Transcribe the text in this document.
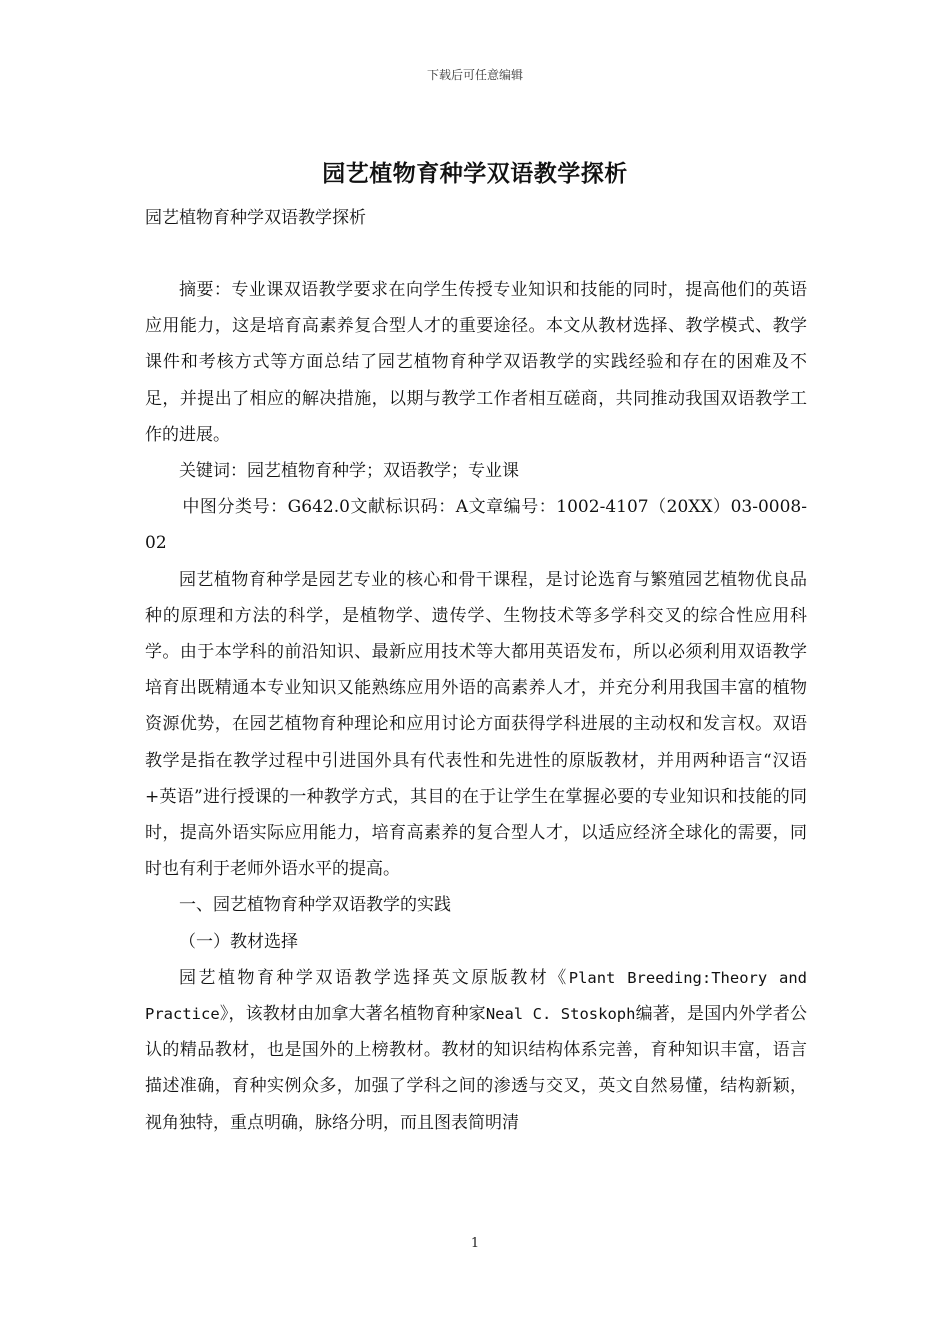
下载后可任意编辑
园艺植物育种学双语教学探析
园艺植物育种学双语教学探析

摘要：专业课双语教学要求在向学生传授专业知识和技能的同时，提高他们的英语应用能力，这是培育高素养复合型人才的重要途径。本文从教材选择、教学模式、教学课件和考核方式等方面总结了园艺植物育种学双语教学的实践经验和存在的困难及不足，并提出了相应的解决措施，以期与教学工作者相互磋商，共同推动我国双语教学工作的进展。

关键词：园艺植物育种学；双语教学；专业课

中图分类号：G642.0文献标识码：A文章编号：1002-4107（20XX）03-0008-02

园艺植物育种学是园艺专业的核心和骨干课程，是讨论选育与繁殖园艺植物优良品种的原理和方法的科学，是植物学、遗传学、生物技术等多学科交叉的综合性应用科学。由于本学科的前沿知识、最新应用技术等大都用英语发布，所以必须利用双语教学培育出既精通本专业知识又能熟练应用外语的高素养人才，并充分利用我国丰富的植物资源优势，在园艺植物育种理论和应用讨论方面获得学科进展的主动权和发言权。双语教学是指在教学过程中引进国外具有代表性和先进性的原版教材，并用两种语言“汉语+英语”进行授课的一种教学方式，其目的在于让学生在掌握必要的专业知识和技能的同时，提高外语实际应用能力，培育高素养的复合型人才，以适应经济全球化的需要，同时也有利于老师外语水平的提高。

一、园艺植物育种学双语教学的实践

（一）教材选择

园艺植物育种学双语教学选择英文原版教材《Plant Breeding:Theory and Practice》，该教材由加拿大著名植物育种家Neal C. Stoskoph编著，是国内外学者公认的精品教材，也是国外的上榜教材。教材的知识结构体系完善，育种知识丰富，语言描述准确，育种实例众多，加强了学科之间的渗透与交叉，英文自然易懂，结构新颖，视角独特，重点明确，脉络分明，而且图表简明清

1
